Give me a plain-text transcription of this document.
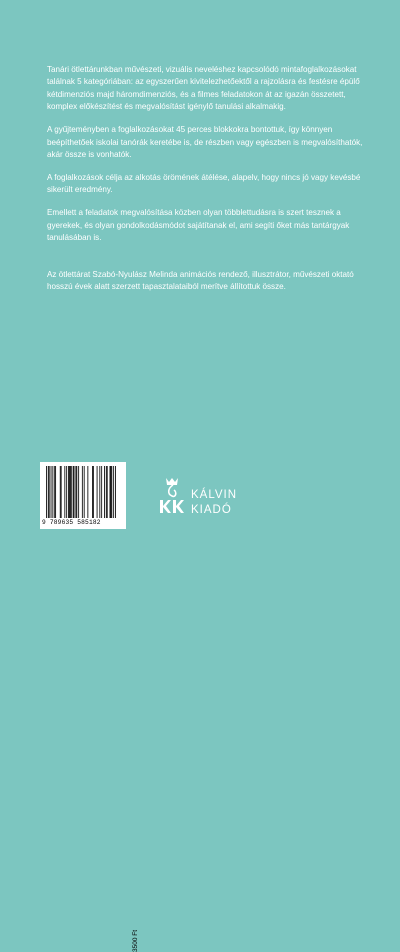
Tanári ötlettárunkban művészeti, vizuális neveléshez kapcsolódó mintafoglalkozásokat találnak 5 kategóriában: az egyszerűen kivitelezhetőektől a rajzolásra és festésre épülő kétdimenziós majd háromdimenziós, és a filmes feladatokon át az igazán összetett, komplex előkészítést és megvalósítást igénylő tanulási alkalmakig.

A gyűjteményben a foglalkozásokat 45 perces blokkokra bontottuk, így könnyen beépíthetőek iskolai tanórák keretébe is, de részben vagy egészben is megvalósíthatók, akár össze is vonhatók.

A foglalkozások célja az alkotás örömének átélése, alapelv, hogy nincs jó vagy kevésbé sikerült eredmény.

Emellett a feladatok megvalósítása közben olyan többlettudásra is szert tesznek a gyerekek, és olyan gondolkodásmódot sajátítanak el, ami segíti őket más tantárgyak tanulásában is.

Az ötlettárat Szabó-Nyulász Melinda animációs rendező, illusztrátor, művészeti oktató hosszú évek alatt szerzett tapasztalataiból merítve állítottuk össze.

9 789635 585182
3500 Ft
KÁLVIN
KIADÓ
